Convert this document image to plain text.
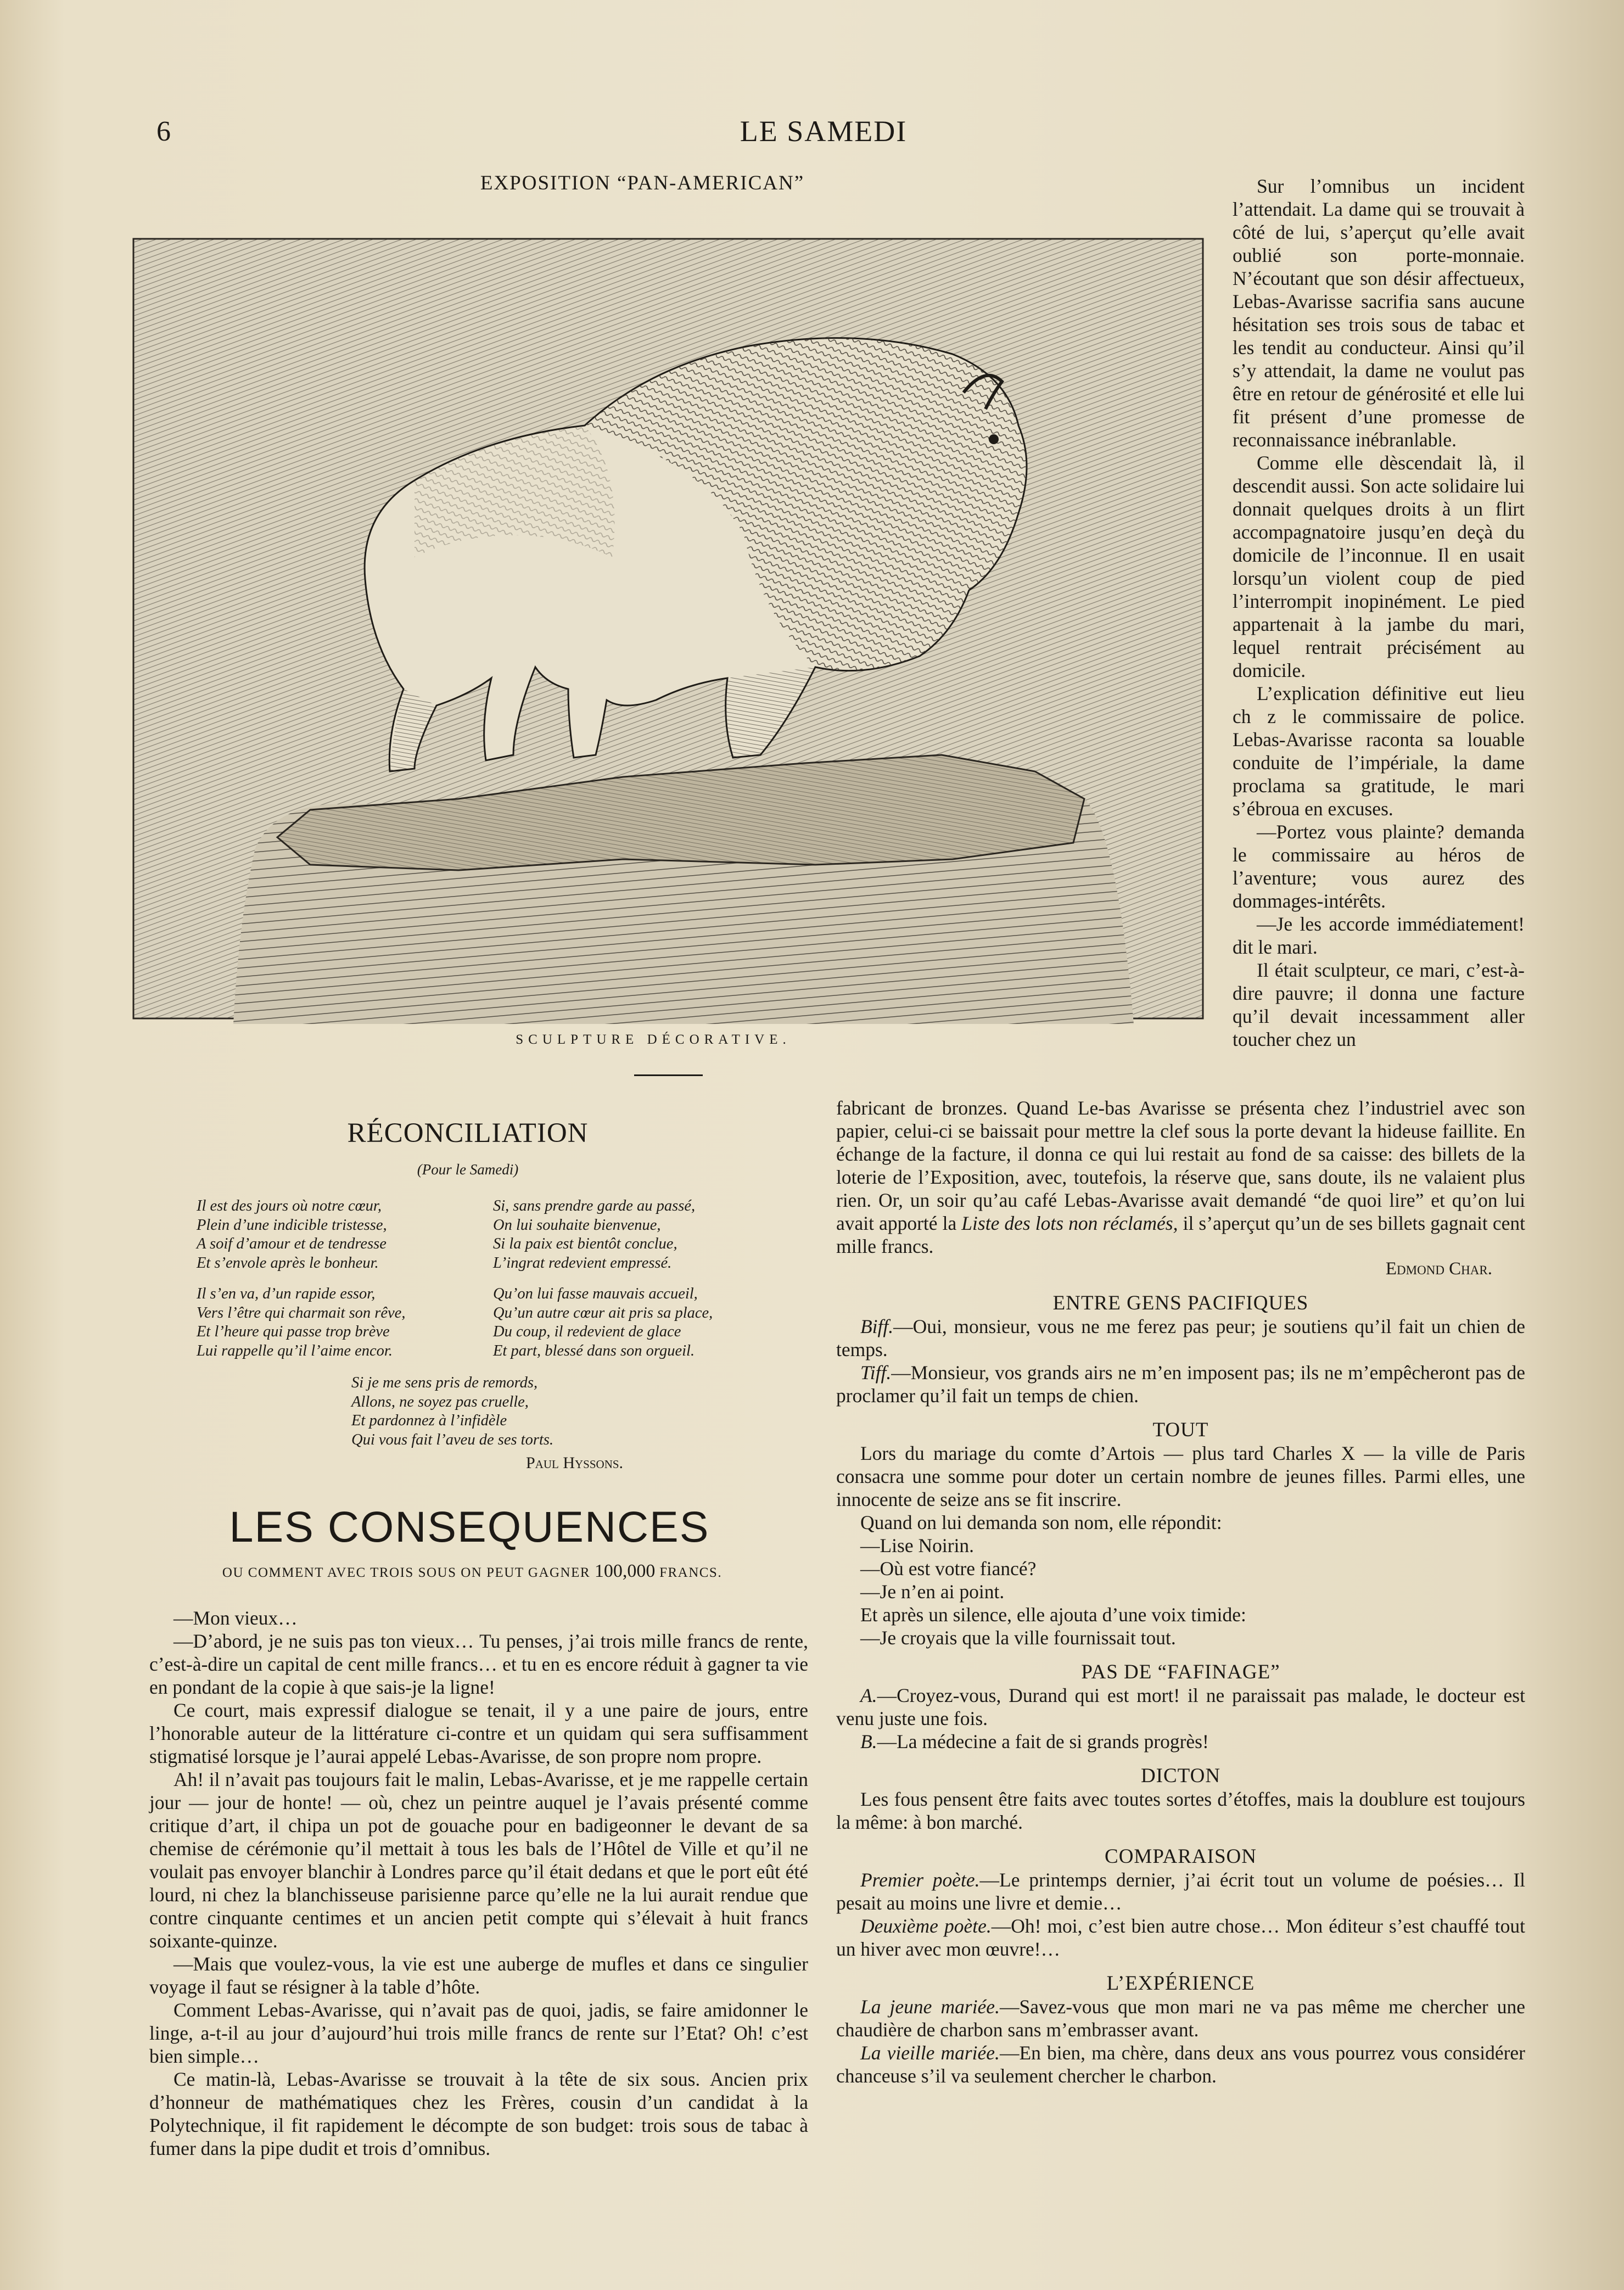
6	LE SAMEDI
EXPOSITION “PAN-AMERICAN”
SCULPTURE DÉCORATIVE.

Sur l’omnibus un incident l’attendait. La dame qui se trouvait à côté de lui, s’aperçut qu’elle avait oublié son porte-monnaie. N’écoutant que son désir affectueux, Lebas-Avarisse sacrifia sans aucune hésitation ses trois sous de tabac et les tendit au conducteur. Ainsi qu’il s’y attendait, la dame ne voulut pas être en retour de générosité et elle lui fit présent d’une promesse de reconnaissance inébranlable.

Comme elle dèscendait là, il descendit aussi. Son acte solidaire lui donnait quelques droits à un flirt accompagnatoire jusqu’en deçà du domicile de l’inconnue. Il en usait lorsqu’un violent coup de pied l’interrompit inopinément. Le pied appartenait à la jambe du mari, lequel rentrait précisément au domicile.

L’explication définitive eut lieu ch z le commissaire de police. Lebas-Avarisse raconta sa louable conduite de l’impériale, la dame proclama sa gratitude, le mari s’ébroua en excuses.

—Portez vous plainte? demanda le commissaire au héros de l’aventure; vous aurez des dommages-intérêts.

—Je les accorde immédiatement! dit le mari.

Il était sculpteur, ce mari, c’est-à-dire pauvre; il donna une facture qu’il devait incessamment aller toucher chez un

fabricant de bronzes. Quand Le-bas Avarisse se présenta chez l’industriel avec son papier, celui-ci se baissait pour mettre la clef sous la porte devant la hideuse faillite. En échange de la facture, il donna ce qui lui restait au fond de sa caisse: des billets de la loterie de l’Exposition, avec, toutefois, la réserve que, sans doute, ils ne valaient plus rien. Or, un soir qu’au café Lebas-Avarisse avait demandé “de quoi lire” et qu’on lui avait apporté la Liste des lots non réclamés, il s’aperçut qu’un de ses billets gagnait cent mille francs.

Edmond Char.

ENTRE GENS PACIFIQUES

Biff.—Oui, monsieur, vous ne me ferez pas peur; je soutiens qu’il fait un chien de temps.

Tiff.—Monsieur, vos grands airs ne m’en imposent pas; ils ne m’empêcheront pas de proclamer qu’il fait un temps de chien.

TOUT

Lors du mariage du comte d’Artois — plus tard Charles X — la ville de Paris consacra une somme pour doter un certain nombre de jeunes filles. Parmi elles, une innocente de seize ans se fit inscrire.

Quand on lui demanda son nom, elle répondit:

—Lise Noirin.

—Où est votre fiancé?

—Je n’en ai point.

Et après un silence, elle ajouta d’une voix timide:

—Je croyais que la ville fournissait tout.

PAS DE “FAFINAGE”

A.—Croyez-vous, Durand qui est mort! il ne paraissait pas malade, le docteur est venu juste une fois.

B.—La médecine a fait de si grands progrès!

DICTON

Les fous pensent être faits avec toutes sortes d’étoffes, mais la doublure est toujours la même: à bon marché.

COMPARAISON

Premier poète.—Le printemps dernier, j’ai écrit tout un volume de poésies… Il pesait au moins une livre et demie…

Deuxième poète.—Oh! moi, c’est bien autre chose… Mon éditeur s’est chauffé tout un hiver avec mon œuvre!…

L’EXPÉRIENCE

La jeune mariée.—Savez-vous que mon mari ne va pas même me chercher une chaudière de charbon sans m’embrasser avant.

La vieille mariée.—En bien, ma chère, dans deux ans vous pourrez vous considérer chanceuse s’il va seulement chercher le charbon.

RÉCONCILIATION
(Pour le Samedi)
Il est des jours où notre cœur,
Plein d’une indicible tristesse,
A soif d’amour et de tendresse
Et s’envole après le bonheur.
Si, sans prendre garde au passé,
On lui souhaite bienvenue,
Si la paix est bientôt conclue,
L’ingrat redevient empressé.
Il s’en va, d’un rapide essor,
Vers l’être qui charmait son rêve,
Et l’heure qui passe trop brève
Lui rappelle qu’il l’aime encor.
Qu’on lui fasse mauvais accueil,
Qu’un autre cœur ait pris sa place,
Du coup, il redevient de glace
Et part, blessé dans son orgueil.
Si je me sens pris de remords,
Allons, ne soyez pas cruelle,
Et pardonnez à l’infidèle
Qui vous fait l’aveu de ses torts.
Paul Hyssons.
LES CONSEQUENCES
OU COMMENT AVEC TROIS SOUS ON PEUT GAGNER 100,000 FRANCS.

—Mon vieux…

—D’abord, je ne suis pas ton vieux… Tu penses, j’ai trois mille francs de rente, c’est-à-dire un capital de cent mille francs… et tu en es encore réduit à gagner ta vie en pondant de la copie à que sais-je la ligne!

Ce court, mais expressif dialogue se tenait, il y a une paire de jours, entre l’honorable auteur de la littérature ci-contre et un quidam qui sera suffisamment stigmatisé lorsque je l’aurai appelé Lebas-Avarisse, de son propre nom propre.

Ah! il n’avait pas toujours fait le malin, Lebas-Avarisse, et je me rappelle certain jour — jour de honte! — où, chez un peintre auquel je l’avais présenté comme critique d’art, il chipa un pot de gouache pour en badigeonner le devant de sa chemise de cérémonie qu’il mettait à tous les bals de l’Hôtel de Ville et qu’il ne voulait pas envoyer blanchir à Londres parce qu’il était dedans et que le port eût été lourd, ni chez la blanchisseuse parisienne parce qu’elle ne la lui aurait rendue que contre cinquante centimes et un ancien petit compte qui s’élevait à huit francs soixante-quinze.

—Mais que voulez-vous, la vie est une auberge de mufles et dans ce singulier voyage il faut se résigner à la table d’hôte.

Comment Lebas-Avarisse, qui n’avait pas de quoi, jadis, se faire amidonner le linge, a-t-il au jour d’aujourd’hui trois mille francs de rente sur l’Etat? Oh! c’est bien simple…

Ce matin-là, Lebas-Avarisse se trouvait à la tête de six sous. Ancien prix d’honneur de mathématiques chez les Frères, cousin d’un candidat à la Polytechnique, il fit rapidement le décompte de son budget: trois sous de tabac à fumer dans la pipe dudit et trois d’omnibus.
